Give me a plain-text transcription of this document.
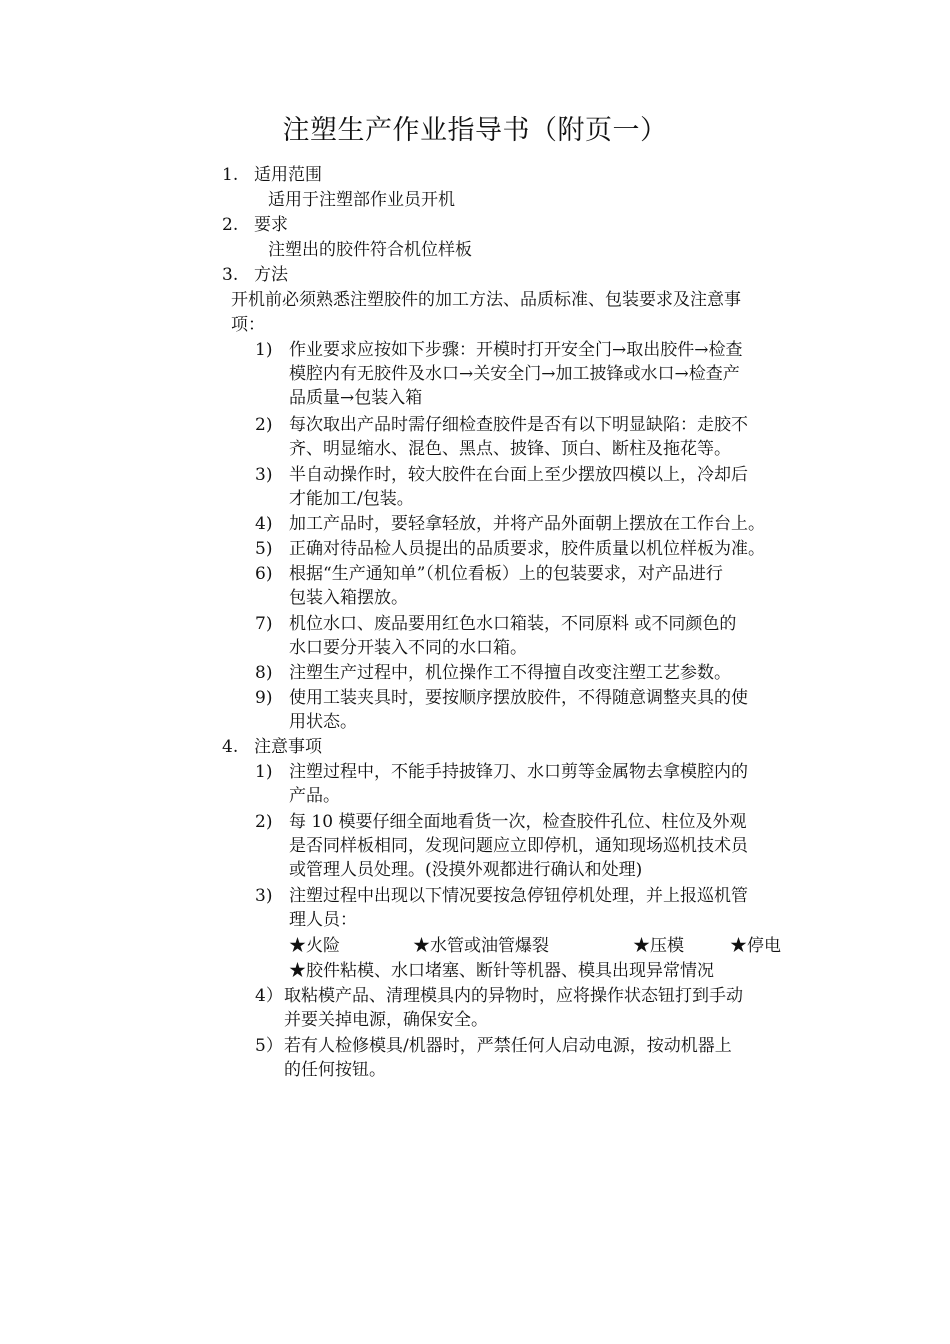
注塑生产作业指导书（附页一）
1. 适用范围
适用于注塑部作业员开机
2. 要求
注塑出的胶件符合机位样板
3. 方法
开机前必须熟悉注塑胶件的加工方法、品质标准、包装要求及注意事
项：
1) 作业要求应按如下步骤：开模时打开安全门→取出胶件→检查
模腔内有无胶件及水口→关安全门→加工披锋或水口→检查产
品质量→包装入箱
2) 每次取出产品时需仔细检查胶件是否有以下明显缺陷：走胶不
齐、明显缩水、混色、黑点、披锋、顶白、断柱及拖花等。
3) 半自动操作时，较大胶件在台面上至少摆放四模以上，冷却后
才能加工/包装。
4) 加工产品时，要轻拿轻放，并将产品外面朝上摆放在工作台上。
5) 正确对待品检人员提出的品质要求，胶件质量以机位样板为准。
6) 根据“生产通知单”（机位看板）上的包装要求，对产品进行
包装入箱摆放。
7) 机位水口、废品要用红色水口箱装，不同原料 或不同颜色的
水口要分开装入不同的水口箱。
8) 注塑生产过程中，机位操作工不得擅自改变注塑工艺参数。
9) 使用工装夹具时，要按顺序摆放胶件，不得随意调整夹具的使
用状态。
4. 注意事项
1) 注塑过程中，不能手持披锋刀、水口剪等金属物去拿模腔内的
产品。
2) 每 10 模要仔细全面地看货一次，检查胶件孔位、柱位及外观
是否同样板相同，发现问题应立即停机，通知现场巡机技术员
或管理人员处理。(没摸外观都进行确认和处理)
3) 注塑过程中出现以下情况要按急停钮停机处理，并上报巡机管
理人员：
★火险	★水管或油管爆裂	★压模	★停电
★胶件粘模、水口堵塞、断针等机器、模具出现异常情况
4） 取粘模产品、清理模具内的异物时，应将操作状态钮打到手动
并要关掉电源，确保安全。
5） 若有人检修模具/机器时，严禁任何人启动电源，按动机器上
的任何按钮。
